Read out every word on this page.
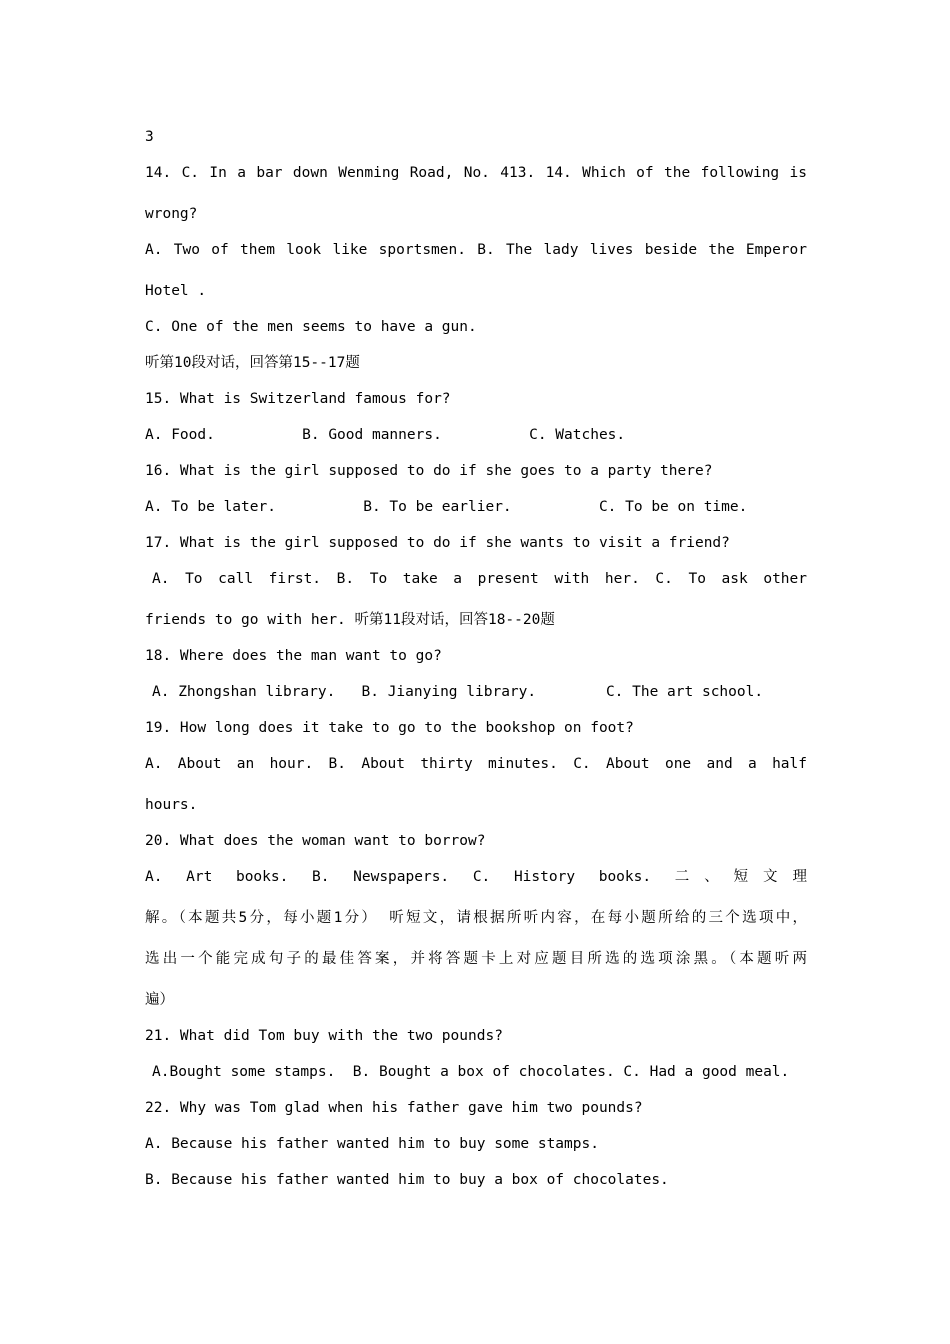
3
14. C. In a bar down Wenming Road, No. 413. 14. Which of the following is
wrong?
A. Two of them look like sportsmen. B. The lady lives beside the Emperor
Hotel .
C. One of the men seems to have a gun.
听第10段对话，回答第15--17题
15. What is Switzerland famous for?
A. Food.          B. Good manners.          C. Watches.
16. What is the girl supposed to do if she goes to a party there?
A. To be later.          B. To be earlier.          C. To be on time.
17. What is the girl supposed to do if she wants to visit a friend?
A. To call first. B. To take a present with her. C. To ask other
friends to go with her. 听第11段对话，回答18--20题
18. Where does the man want to go?
A. Zhongshan library.   B. Jianying library.        C. The art school.
19. How long does it take to go to the bookshop on foot?
A. About an hour. B. About thirty minutes. C. About one and a half
hours.
20. What does the woman want to borrow?
A. Art books. B. Newspapers. C. History books. 二、短文理
解。（本题共5分，每小题1分） 听短文，请根据所听内容，在每小题所给的三个选项中，
选出一个能完成句子的最佳答案，并将答题卡上对应题目所选的选项涂黑。（本题听两
遍）
21. What did Tom buy with the two pounds?
A.Bought some stamps.  B. Bought a box of chocolates. C. Had a good meal.
22. Why was Tom glad when his father gave him two pounds?
A. Because his father wanted him to buy some stamps.
B. Because his father wanted him to buy a box of chocolates.
